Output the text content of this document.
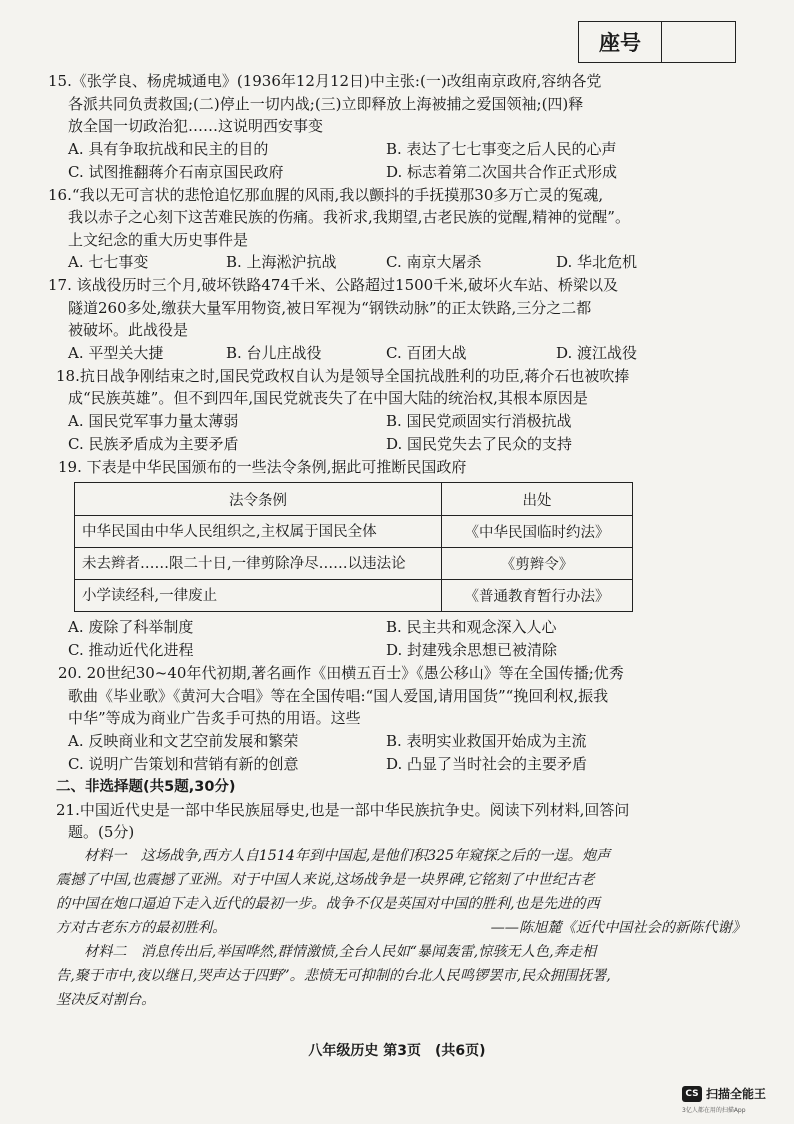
座号
15.《张学良、杨虎城通电》(1936年12月12日)中主张:(一)改组南京政府,容纳各党
各派共同负责救国;(二)停止一切内战;(三)立即释放上海被捕之爱国领袖;(四)释
放全国一切政治犯……这说明西安事变
A. 具有争取抗战和民主的目的	B. 表达了七七事变之后人民的心声
C. 试图推翻蒋介石南京国民政府	D. 标志着第二次国共合作正式形成
16.“我以无可言状的悲怆追忆那血腥的风雨,我以颤抖的手抚摸那30多万亡灵的冤魂,
我以赤子之心刻下这苦难民族的伤痛。我祈求,我期望,古老民族的觉醒,精神的觉醒”。
上文纪念的重大历史事件是
A. 七七事变	B. 上海淞沪抗战	C. 南京大屠杀	D. 华北危机
17. 该战役历时三个月,破坏铁路474千米、公路超过1500千米,破坏火车站、桥梁以及
隧道260多处,缴获大量军用物资,被日军视为“钢铁动脉”的正太铁路,三分之二都
被破坏。此战役是
A. 平型关大捷	B. 台儿庄战役	C. 百团大战	D. 渡江战役
18.抗日战争刚结束之时,国民党政权自认为是领导全国抗战胜利的功臣,蒋介石也被吹捧
成“民族英雄”。但不到四年,国民党就丧失了在中国大陆的统治权,其根本原因是
A. 国民党军事力量太薄弱	B. 国民党顽固实行消极抗战
C. 民族矛盾成为主要矛盾	D. 国民党失去了民众的支持
19. 下表是中华民国颁布的一些法令条例,据此可推断民国政府
法令条例	出处
中华民国由中华人民组织之,主权属于国民全体	《中华民国临时约法》
未去辫者……限二十日,一律剪除净尽……以违法论	《剪辫令》
小学读经科,一律废止	《普通教育暂行办法》
A. 废除了科举制度	B. 民主共和观念深入人心
C. 推动近代化进程	D. 封建残余思想已被清除
20. 20世纪30~40年代初期,著名画作《田横五百士》《愚公移山》等在全国传播;优秀
歌曲《毕业歌》《黄河大合唱》等在全国传唱:“国人爱国,请用国货”“挽回利权,振我
中华”等成为商业广告炙手可热的用语。这些
A. 反映商业和文艺空前发展和繁荣	B. 表明实业救国开始成为主流
C. 说明广告策划和营销有新的创意	D. 凸显了当时社会的主要矛盾
二、非选择题(共5题,30分)
21.中国近代史是一部中华民族屈辱史,也是一部中华民族抗争史。阅读下列材料,回答问
题。(5分)
材料一　这场战争,西方人自1514年到中国起,是他们积325年窥探之后的一逞。炮声
震撼了中国,也震撼了亚洲。对于中国人来说,这场战争是一块界碑,它铭刻了中世纪古老
的中国在炮口逼迫下走入近代的最初一步。战争不仅是英国对中国的胜利,也是先进的西
方对古老东方的最初胜利。	——陈旭麓《近代中国社会的新陈代谢》
材料二　消息传出后,举国哗然,群情激愤,全台人民如“暴闻轰雷,惊骇无人色,奔走相
告,聚于市中,夜以继日,哭声达于四野”。悲愤无可抑制的台北人民鸣锣罢市,民众拥围抚署,
坚决反对割台。
八年级历史 第3页　(共6页)
CS 扫描全能王
3亿人都在用的扫描App
